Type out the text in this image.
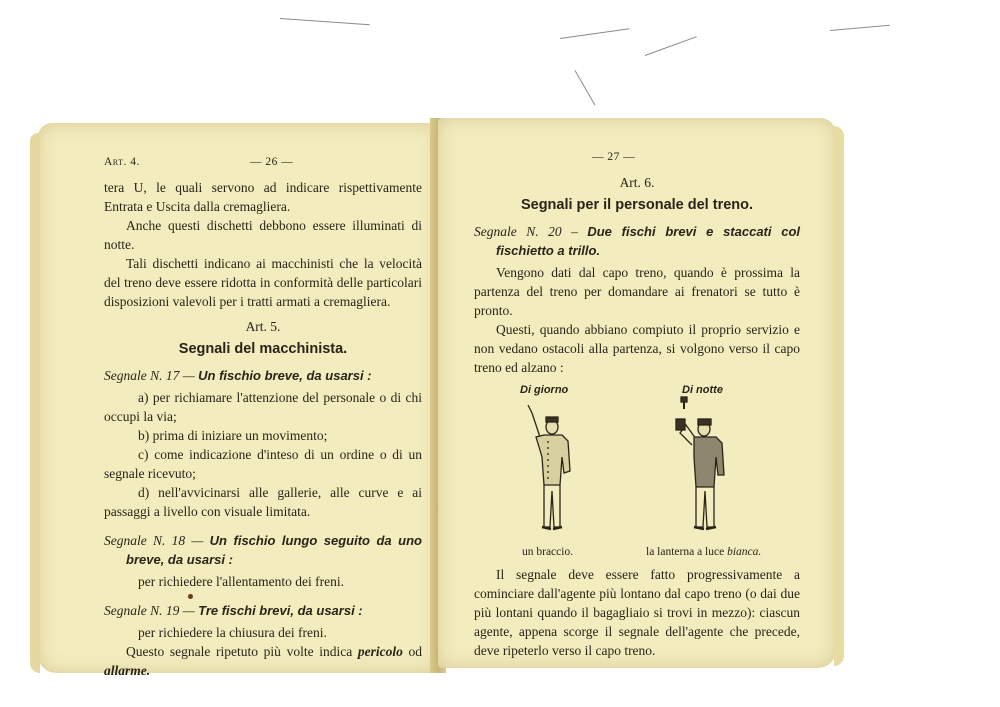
Art. 4.	— 26 —

tera U, le quali servono ad indicare rispettivamente Entrata e Uscita dalla cremagliera.

Anche questi dischetti debbono essere illuminati di notte.

Tali dischetti indicano ai macchinisti che la velocità del treno deve essere ridotta in conformità delle particolari disposizioni valevoli per i tratti armati a cremagliera.

Art. 5.

Segnali del macchinista.

Segnale N. 17 — Un fischio breve, da usarsi :

a) per richiamare l'attenzione del personale o di chi occupi la via;

b) prima di iniziare un movimento;

c) come indicazione d'inteso di un ordine o di un segnale ricevuto;

d) nell'avvicinarsi alle gallerie, alle curve e ai passaggi a livello con visuale limitata.

Segnale N. 18 — Un fischio lungo seguito da uno breve, da usarsi :

per richiedere l'allentamento dei freni.

Segnale N. 19 — Tre fischi brevi, da usarsi :

per richiedere la chiusura dei freni.

Questo segnale ripetuto più volte indica pericolo od allarme.

— 27 —

Art. 6.

Segnali per il personale del treno.

Segnale N. 20 – Due fischi brevi e staccati col fischietto a trillo.

Vengono dati dal capo treno, quando è prossima la partenza del treno per domandare ai frenatori se tutto è pronto.

Questi, quando abbiano compiuto il proprio servizio e non vedano ostacoli alla partenza, si volgono verso il capo treno ed alzano :

Di giorno	Di notte
un braccio.	la lanterna a luce bianca.

Il segnale deve essere fatto progressivamente a cominciare dall'agente più lontano dal capo treno (o dai due più lontani quando il bagagliaio si trovi in mezzo): ciascun agente, appena scorge il segnale dell'agente che precede, deve ripeterlo verso il capo treno.
